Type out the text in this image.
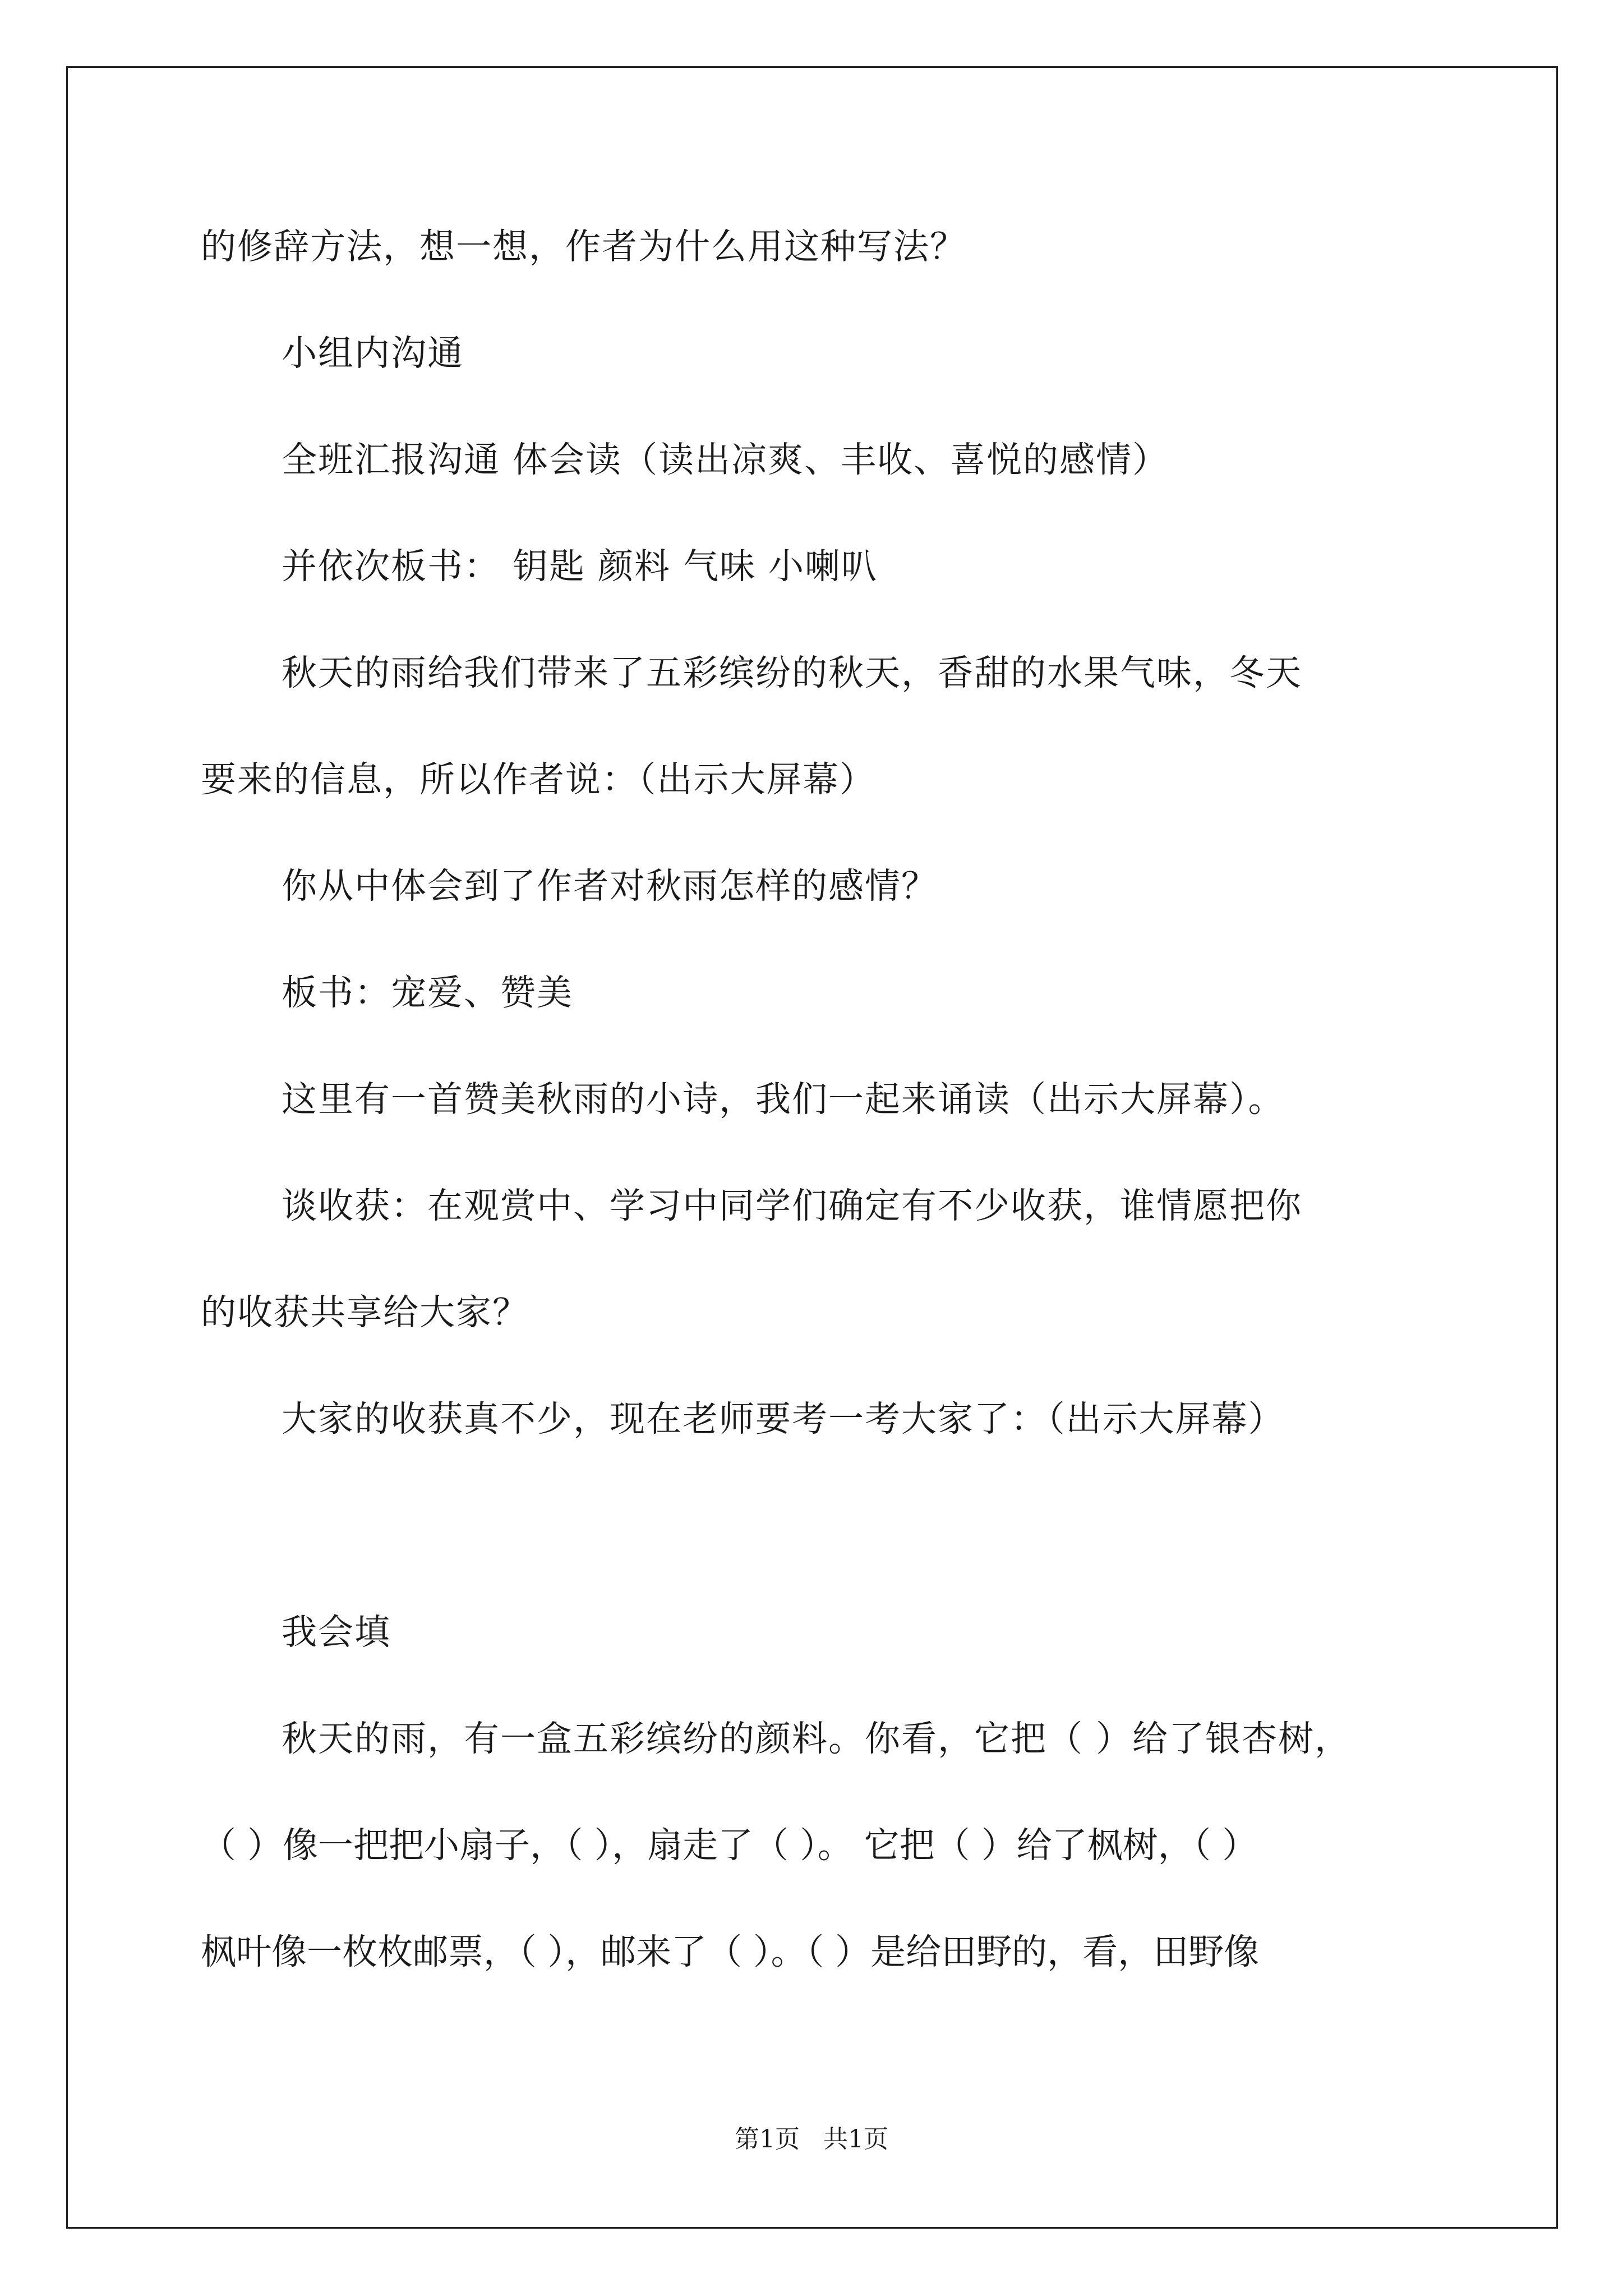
的修辞方法，想一想，作者为什么用这种写法？

小组内沟通

全班汇报沟通 体会读（读出凉爽、丰收、喜悦的感情）

并依次板书： 钥匙 颜料 气味 小喇叭

秋天的雨给我们带来了五彩缤纷的秋天，香甜的水果气味，冬天

要来的信息，所以作者说：（出示大屏幕）

你从中体会到了作者对秋雨怎样的感情？

板书：宠爱、赞美

这里有一首赞美秋雨的小诗，我们一起来诵读（出示大屏幕）。

谈收获：在观赏中、学习中同学们确定有不少收获，谁情愿把你

的收获共享给大家？

大家的收获真不少，现在老师要考一考大家了：（出示大屏幕）

我会填

秋天的雨，有一盒五彩缤纷的颜料。你看，它把（ ）给了银杏树，

（ ）像一把把小扇子，（ ），扇走了（ ）。 它把（ ）给了枫树，（ ）

枫叶像一枚枚邮票，（ ），邮来了（ ）。（ ）是给田野的，看，田野像

第1页   共1页
